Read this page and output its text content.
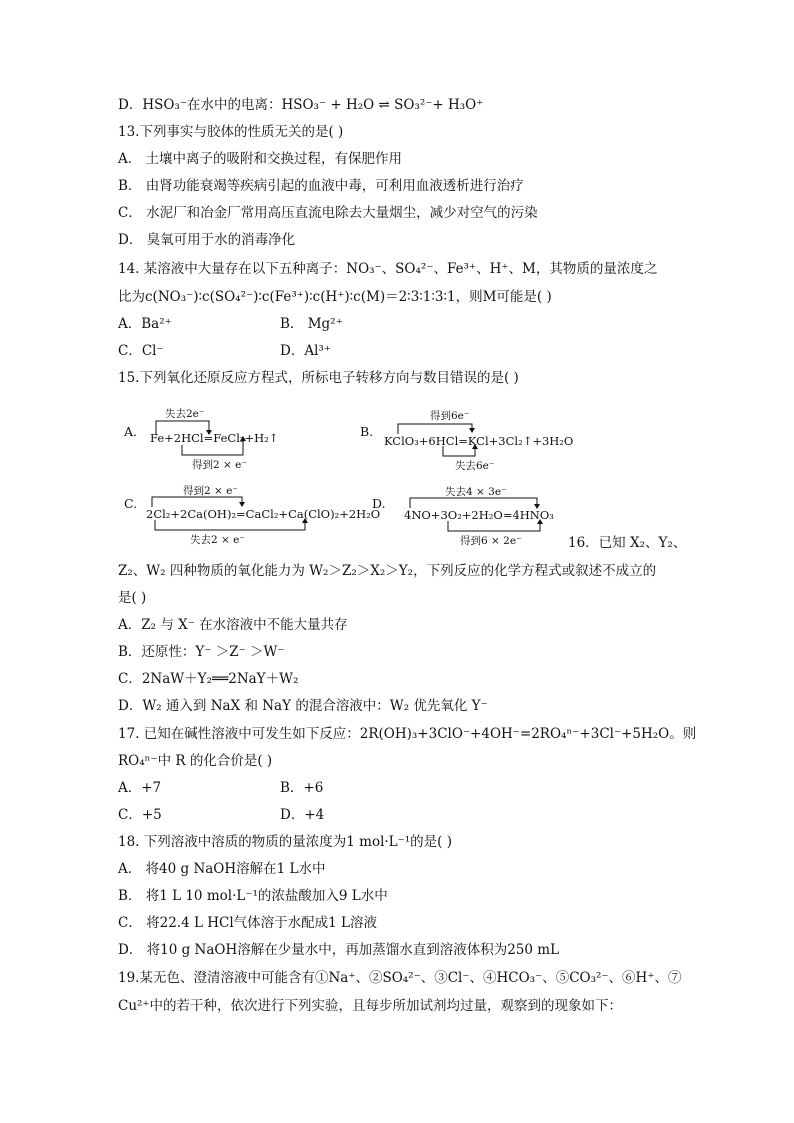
D．HSO₃⁻在水中的电离：HSO₃⁻ + H₂O ⇌ SO₃²⁻+ H₃O⁺
13.下列事实与胶体的性质无关的是( )
A． 土壤中离子的吸附和交换过程，有保肥作用
B． 由肾功能衰竭等疾病引起的血液中毒，可利用血液透析进行治疗
C． 水泥厂和冶金厂常用高压直流电除去大量烟尘，减少对空气的污染
D． 臭氧可用于水的消毒净化
14. 某溶液中大量存在以下五种离子：NO₃⁻、SO₄²⁻、Fe³⁺、H⁺、M，其物质的量浓度之
比为c(NO₃⁻)∶c(SO₄²⁻)∶c(Fe³⁺)∶c(H⁺)∶c(M)＝2∶3∶1∶3∶1，则M可能是( )
A．Ba²⁺	B． Mg²⁺
C．Cl⁻	D．Al³⁺
15.下列氧化还原反应方程式，所标电子转移方向与数目错误的是( )
A.
失去2e⁻
Fe+2HCl=FeCl₂+H₂↑
得到2 × e⁻
B.
得到6e⁻
KClO₃+6HCl=KCl+3Cl₂↑+3H₂O
失去6e⁻
C.
得到2 × e⁻
2Cl₂+2Ca(OH)₂=CaCl₂+Ca(ClO)₂+2H₂O
失去2 × e⁻
D.
失去4 × 3e⁻
4NO+3O₂+2H₂O=4HNO₃
得到6 × 2e⁻	16．已知 X₂、Y₂、
Z₂、W₂ 四种物质的氧化能力为 W₂＞Z₂＞X₂＞Y₂，下列反应的化学方程式或叙述不成立的
是( )
A．Z₂ 与 X⁻ 在水溶液中不能大量共存
B．还原性：Y⁻ ＞Z⁻ ＞W⁻
C．2NaW＋Y₂══2NaY＋W₂
D．W₂ 通入到 NaX 和 NaY 的混合溶液中：W₂ 优先氧化 Y⁻
17. 已知在碱性溶液中可发生如下反应：2R(OH)₃+3ClO⁻+4OH⁻=2RO₄ⁿ⁻+3Cl⁻+5H₂O。则
RO₄ⁿ⁻中 R 的化合价是( )
A．+7	B．+6
C．+5	D．+4
18. 下列溶液中溶质的物质的量浓度为1 mol·L⁻¹的是( )
A． 将40 g NaOH溶解在1 L水中
B． 将1 L 10 mol·L⁻¹的浓盐酸加入9 L水中
C． 将22.4 L HCl气体溶于水配成1 L溶液
D． 将10 g NaOH溶解在少量水中，再加蒸馏水直到溶液体积为250 mL
19.某无色、澄清溶液中可能含有①Na⁺、②SO₄²⁻、③Cl⁻、④HCO₃⁻、⑤CO₃²⁻、⑥H⁺、⑦
Cu²⁺中的若干种，依次进行下列实验，且每步所加试剂均过量，观察到的现象如下：
